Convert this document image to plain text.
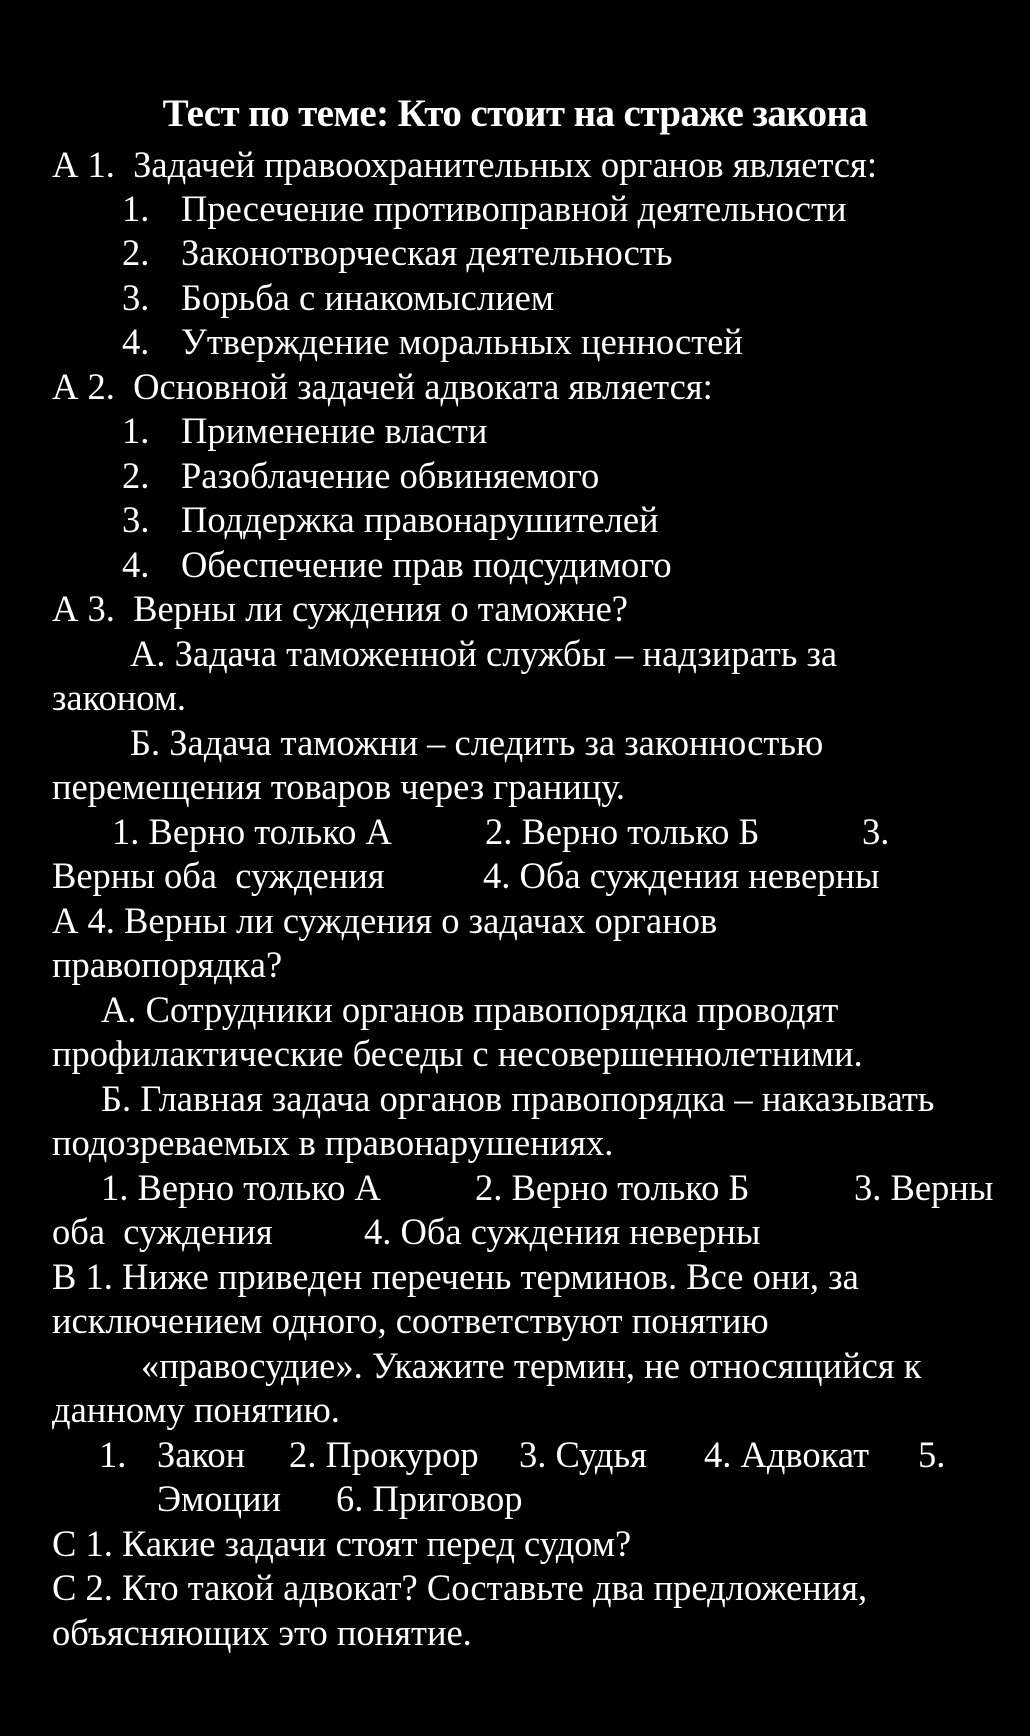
Тест по теме: Кто стоит на страже закона
А 1.  Задачей правоохранительных органов является:
1. Пресечение противоправной деятельности
2. Законотворческая деятельность
3. Борьба с инакомыслием
4. Утверждение моральных ценностей
А 2.  Основной задачей адвоката является:
1. Применение власти
2. Разоблачение обвиняемого
3. Поддержка правонарушителей
4. Обеспечение прав подсудимого
А 3.  Верны ли суждения о таможне?
А. Задача таможенной службы – надзирать за
законом.
Б. Задача таможни – следить за законностью
перемещения товаров через границу.
1. Верно только А	2. Верно только Б	3.
Верны оба  суждения	4. Оба суждения неверны
А 4. Верны ли суждения о задачах органов
правопорядка?
А. Сотрудники органов правопорядка проводят
профилактические беседы с несовершеннолетними.
Б. Главная задача органов правопорядка – наказывать
подозреваемых в правонарушениях.
1. Верно только А	2. Верно только Б	3. Верны
оба  суждения	4. Оба суждения неверны
В 1. Ниже приведен перечень терминов. Все они, за
исключением одного, соответствуют понятию
«правосудие». Укажите термин, не относящийся к
данному понятию.
1. Закон 2. Прокурор 3. Судья 4. Адвокат 5.
Эмоции 6. Приговор
С 1. Какие задачи стоят перед судом?
С 2. Кто такой адвокат? Составьте два предложения,
объясняющих это понятие.
